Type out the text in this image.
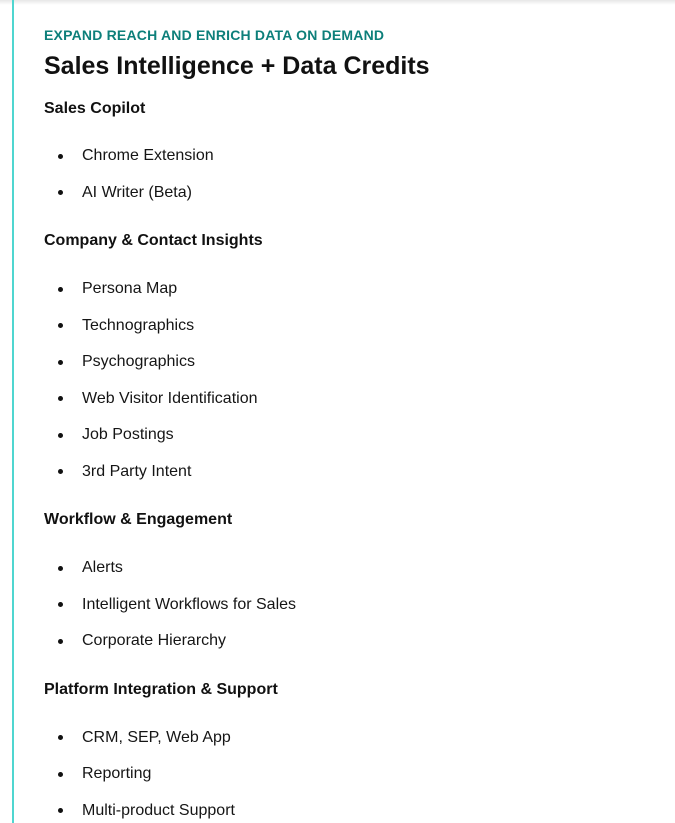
EXPAND REACH AND ENRICH DATA ON DEMAND

Sales Intelligence + Data Credits
Sales Copilot
Chrome Extension
AI Writer (Beta)
Company & Contact Insights
Persona Map
Technographics
Psychographics
Web Visitor Identification
Job Postings
3rd Party Intent
Workflow & Engagement
Alerts
Intelligent Workflows for Sales
Corporate Hierarchy
Platform Integration & Support
CRM, SEP, Web App
Reporting
Multi-product Support
